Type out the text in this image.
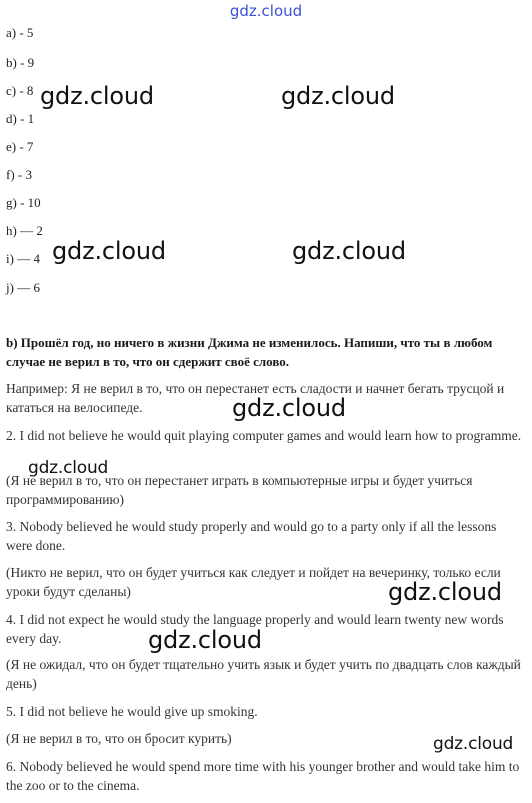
gdz.cloud
a) - 5
b) - 9
c) - 8
d) - 1
e) - 7
f) - 3
g) - 10
h) — 2
i) — 4
j) — 6
b) Прошёл год, но ничего в жизни Джима не изменилось. Напиши, что ты в любом случае не верил в то, что он сдержит своё слово.
Например: Я не верил в то, что он перестанет есть сладости и начнет бегать трусцой и кататься на велосипеде.
2. I did not believe he would quit playing computer games and would learn how to programme.
(Я не верил в то, что он перестанет играть в компьютерные игры и будет учиться программированию)
3. Nobody believed he would study properly and would go to a party only if all the lessons were done.
(Никто не верил, что он будет учиться как следует и пойдет на вечеринку, только если уроки будут сделаны)
4. I did not expect he would study the language properly and would learn twenty new words every day.
(Я не ожидал, что он будет тщательно учить язык и будет учить по двадцать слов каждый день)
5. I did not believe he would give up smoking.
(Я не верил в то, что он бросит курить)
6. Nobody believed he would spend more time with his younger brother and would take him to the zoo or to the cinema.
gdz.cloud	gdz.cloud
gdz.cloud	gdz.cloud
gdz.cloud
gdz.cloud
gdz.cloud
gdz.cloud
gdz.cloud
